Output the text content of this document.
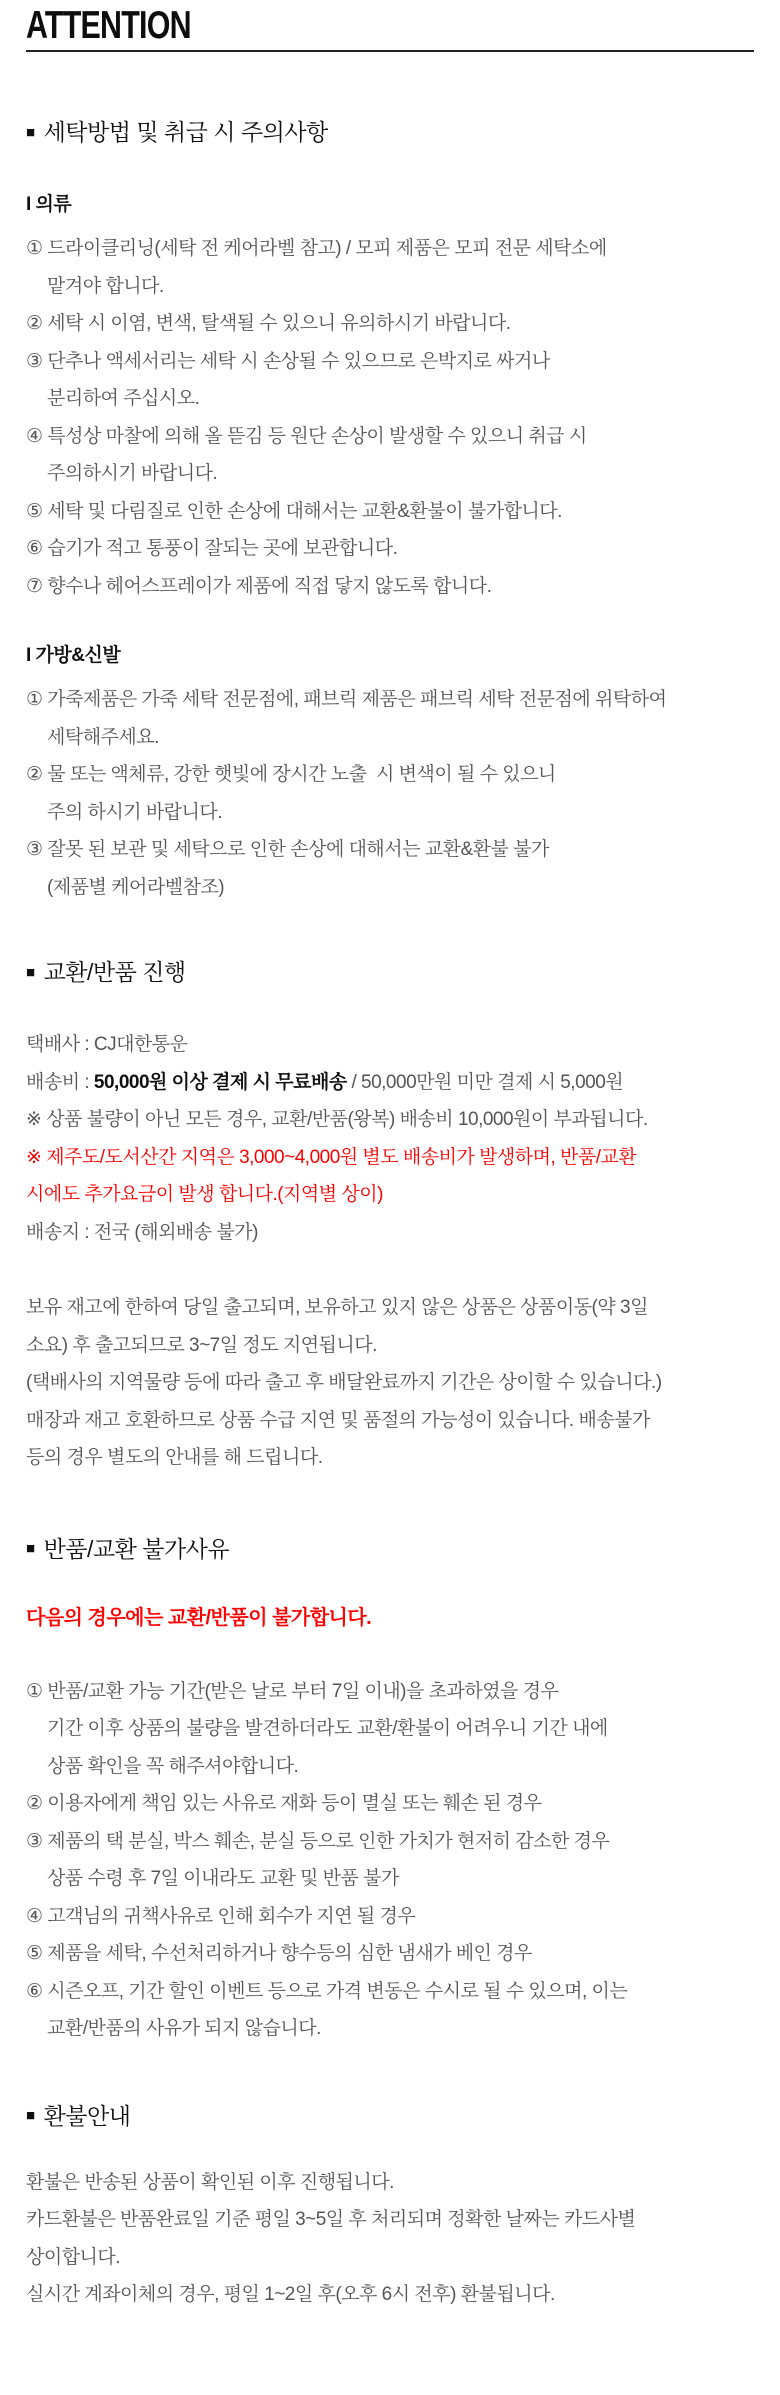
ATTENTION
■ 세탁방법 및 취급 시 주의사항
I 의류
① 드라이클리닝(세탁 전 케어라벨 참고) / 모피 제품은 모피 전문 세탁소에
맡겨야 합니다.
② 세탁 시 이염, 변색, 탈색될 수 있으니 유의하시기 바랍니다.
③ 단추나 액세서리는 세탁 시 손상될 수 있으므로 은박지로 싸거나
분리하여 주십시오.
④ 특성상 마찰에 의해 올 뜯김 등 원단 손상이 발생할 수 있으니 취급 시
주의하시기 바랍니다.
⑤ 세탁 및 다림질로 인한 손상에 대해서는 교환&환불이 불가합니다.
⑥ 습기가 적고 통풍이 잘되는 곳에 보관합니다.
⑦ 향수나 헤어스프레이가 제품에 직접 닿지 않도록 합니다.
I 가방&신발
① 가죽제품은 가죽 세탁 전문점에, 패브릭 제품은 패브릭 세탁 전문점에 위탁하여
세탁해주세요.
② 물 또는 액체류, 강한 햇빛에 장시간 노출  시 변색이 될 수 있으니
주의 하시기 바랍니다.
③ 잘못 된 보관 및 세탁으로 인한 손상에 대해서는 교환&환불 불가
(제품별 케어라벨참조)
■ 교환/반품 진행
택배사 : CJ대한통운
배송비 : 50,000원 이상 결제 시 무료배송 / 50,000만원 미만 결제 시 5,000원
※ 상품 불량이 아닌 모든 경우, 교환/반품(왕복) 배송비 10,000원이 부과됩니다.
※ 제주도/도서산간 지역은 3,000~4,000원 별도 배송비가 발생하며, 반품/교환
시에도 추가요금이 발생 합니다.(지역별 상이)
배송지 : 전국 (해외배송 불가)
보유 재고에 한하여 당일 출고되며, 보유하고 있지 않은 상품은 상품이동(약 3일
소요) 후 출고되므로 3~7일 정도 지연됩니다.
(택배사의 지역물량 등에 따라 출고 후 배달완료까지 기간은 상이할 수 있습니다.)
매장과 재고 호환하므로 상품 수급 지연 및 품절의 가능성이 있습니다. 배송불가
등의 경우 별도의 안내를 해 드립니다.
■ 반품/교환 불가사유
다음의 경우에는 교환/반품이 불가합니다.
① 반품/교환 가능 기간(받은 날로 부터 7일 이내)을 초과하였을 경우
기간 이후 상품의 불량을 발견하더라도 교환/환불이 어려우니 기간 내에
상품 확인을 꼭 해주셔야합니다.
② 이용자에게 책임 있는 사유로 재화 등이 멸실 또는 훼손 된 경우
③ 제품의 택 분실, 박스 훼손, 분실 등으로 인한 가치가 현저히 감소한 경우
상품 수령 후 7일 이내라도 교환 및 반품 불가
④ 고객님의 귀책사유로 인해 회수가 지연 될 경우
⑤ 제품을 세탁, 수선처리하거나 향수등의 심한 냄새가 베인 경우
⑥ 시즌오프, 기간 할인 이벤트 등으로 가격 변동은 수시로 될 수 있으며, 이는
교환/반품의 사유가 되지 않습니다.
■ 환불안내
환불은 반송된 상품이 확인된 이후 진행됩니다.
카드환불은 반품완료일 기준 평일 3~5일 후 처리되며 정확한 날짜는 카드사별
상이합니다.
실시간 계좌이체의 경우, 평일 1~2일 후(오후 6시 전후) 환불됩니다.
